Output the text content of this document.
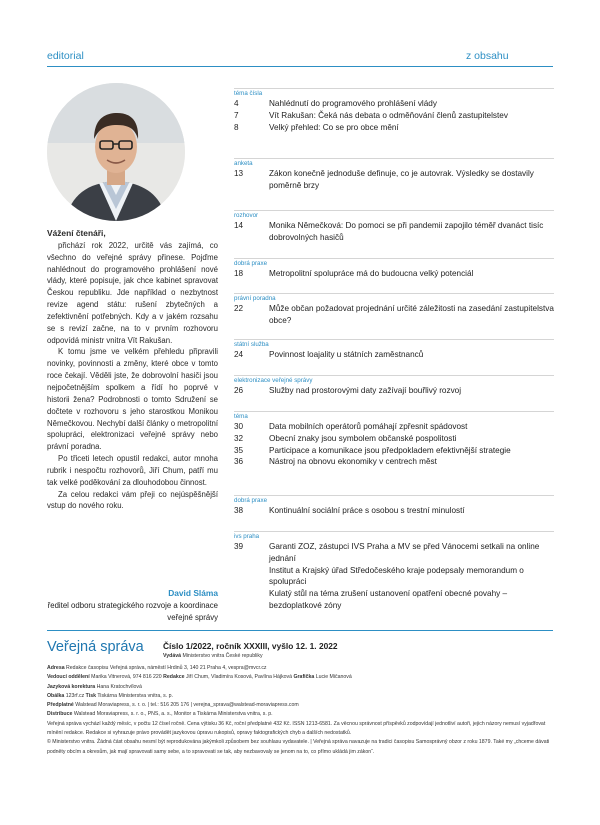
editorial	z obsahu
Vážení čtenáři,

přichází rok 2022, určitě vás zajímá, co všechno do veřejné správy přinese. Pojďme nahlédnout do programového prohlášení nové vlády, které popisuje, jak chce kabinet spravovat Českou republiku. Jde například o nezbytnost revize agend státu: rušení zbytečných a zefektivnění potřebných. Kdy a v jakém rozsahu se s revizí začne, na to v prvním rozhovoru odpovídá ministr vnitra Vít Rakušan.

K tomu jsme ve velkém přehledu připravili novinky, povinnosti a změny, které obce v tomto roce čekají. Věděli jste, že dobrovolní hasiči jsou nejpočetnějším spolkem a řídí ho poprvé v historii žena? Podrobnosti o tomto Sdružení se dočtete v rozhovoru s jeho starostkou Monikou Němečkovou. Nechybí další články o metropolitní spolupráci, elektronizaci veřejné správy nebo právní poradna.

Po třiceti letech opustil redakci, autor mnoha rubrik i nespočtu rozhovorů, Jiří Chum, patří mu tak velké poděkování za dlouhodobou činnost.

Za celou redakci vám přeji co nejúspěšnější vstup do nového roku.

David Sláma
ředitel odboru strategického rozvoje a koordinace veřejné správy
téma čísla
4	Nahlédnutí do programového prohlášení vlády
7	Vít Rakušan: Čeká nás debata o odměňování členů zastupitelstev
8	Velký přehled: Co se pro obce mění
anketa
13	Zákon konečně jednoduše definuje, co je autovrak. Výsledky se dostavily poměrně brzy
rozhovor
14	Monika Němečková: Do pomoci se při pandemii zapojilo téměř dvanáct tisíc dobrovolných hasičů
dobrá praxe
18	Metropolitní spolupráce má do budoucna velký potenciál
právní poradna
22	Může občan požadovat projednání určité záležitosti na zasedání zastupitelstva obce?
státní služba
24	Povinnost loajality u státních zaměstnanců
elektronizace veřejné správy
26	Služby nad prostorovými daty zažívají bouřlivý rozvoj
téma
30	Data mobilních operátorů pomáhají zpřesnit spádovost
32	Obecní znaky jsou symbolem občanské pospolitosti
35	Participace a komunikace jsou předpokladem efektivnější strategie
36	Nástroj na obnovu ekonomiky v centrech měst
dobrá praxe
38	Kontinuální sociální práce s osobou s trestní minulostí
ivs praha
39	Garanti ZOZ, zástupci IVS Praha a MV se před Vánocemi setkali na online jednání
Institut a Krajský úřad Středočeského kraje podepsaly memorandum o spolupráci
Kulatý stůl na téma zrušení ustanovení opatření obecné povahy – bezdoplatkové zóny
Veřejná správa Číslo 1/2022, ročník XXXIII, vyšlo 12. 1. 2022
Vydává Ministerstvo vnitra České republiky
Adresa Redakce časopisu Veřejná správa, náměstí Hrdinů 3, 140 21 Praha 4, vespra@mvcr.cz
Vedoucí oddělení Marika Vitnerová, 974 816 220 Redakce Jiří Chum, Vladimíra Kosová, Pavlína Hájková Grafička Lucie Mičanová
Jazyková korektura Hana Kratochvílová
Obálka 123rf.cz Tisk Tiskárna Ministerstva vnitra, s. p.
Předplatné Walstead Moraviapress, s. r. o. | tel.: 516 205 176 | verejna_sprava@walstead-moraviapress.com
Distribuce Walstead Moraviapress, s. r. o., PNS, a. s., Monitor a Tiskárna Ministerstva vnitra, s. p.
Veřejná správa vychází každý měsíc, v počtu 12 čísel ročně. Cena výtisku 36 Kč, roční předplatné 432 Kč. ISSN 1213-6581. Za věcnou správnost příspěvků zodpovídají jednotliví autoři, jejich názory nemusí vyjadřovat mínění redakce. Redakce si vyhrazuje právo provádět jazykovou úpravu rukopisů, opravy faktografických chyb a dalších nedostatků.
© Ministerstvo vnitra. Žádná část obsahu nesmí být reprodukována jakýmkoli způsobem bez souhlasu vydavatele. | Veřejná správa navazuje na tradici časopisu Samosprávný obzor z roku 1879. Také my „chceme dávati podněty obcím a okresům, jak mají spravovati samy sebe, a to spravovati se tak, aby nezbavovaly se jenom na to, co přímo ukládá jim zákon“.
